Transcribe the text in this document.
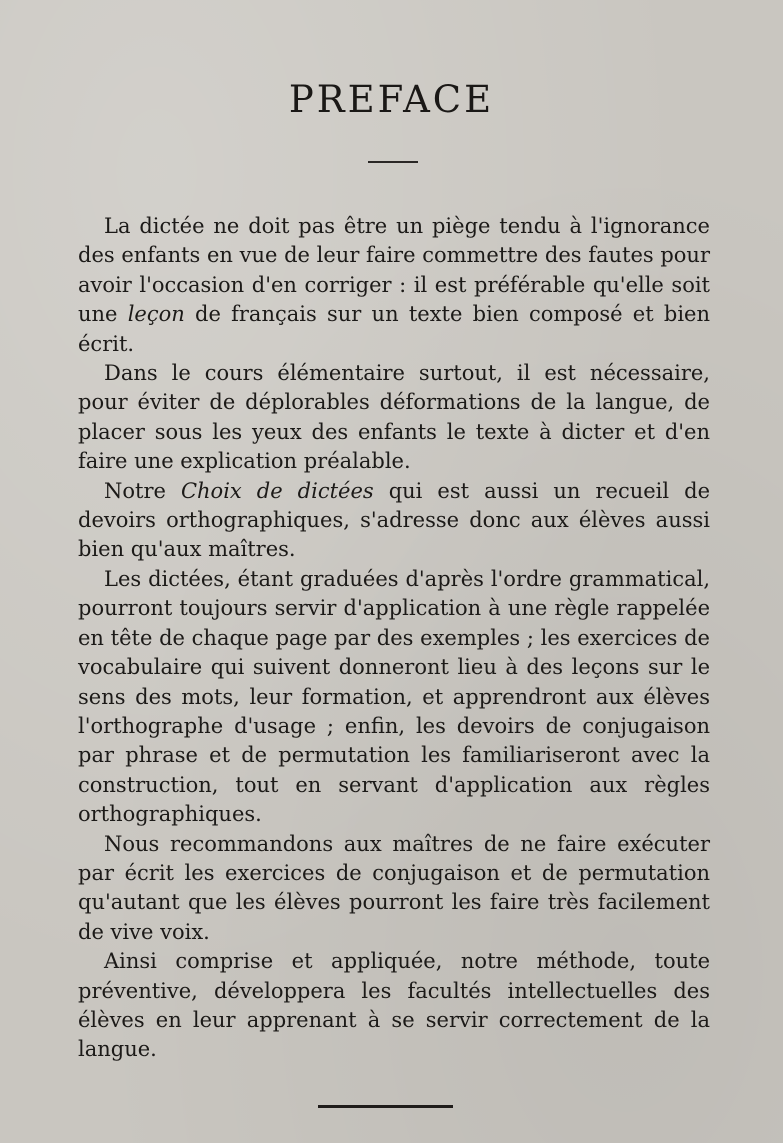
PREFACE

La dictée ne doit pas être un piège tendu à l'ignorance des enfants en vue de leur faire commettre des fautes pour avoir l'occasion d'en corriger : il est préférable qu'elle soit une leçon de français sur un texte bien composé et bien écrit.

Dans le cours élémentaire surtout, il est nécessaire, pour éviter de déplorables déformations de la langue, de placer sous les yeux des enfants le texte à dicter et d'en faire une explication préalable.

Notre Choix de dictées qui est aussi un recueil de devoirs orthographiques, s'adresse donc aux élèves aussi bien qu'aux maîtres.

Les dictées, étant graduées d'après l'ordre grammatical, pourront toujours servir d'application à une règle rappelée en tête de chaque page par des exemples ; les exercices de vocabulaire qui suivent donneront lieu à des leçons sur le sens des mots, leur formation, et apprendront aux élèves l'orthographe d'usage ; enfin, les devoirs de conjugaison par phrase et de permutation les familiariseront avec la construction, tout en servant d'application aux règles orthographiques.

Nous recommandons aux maîtres de ne faire exécuter par écrit les exercices de conjugaison et de permutation qu'autant que les élèves pourront les faire très facilement de vive voix.

Ainsi comprise et appliquée, notre méthode, toute préventive, développera les facultés intellectuelles des élèves en leur apprenant à se servir correctement de la langue.
